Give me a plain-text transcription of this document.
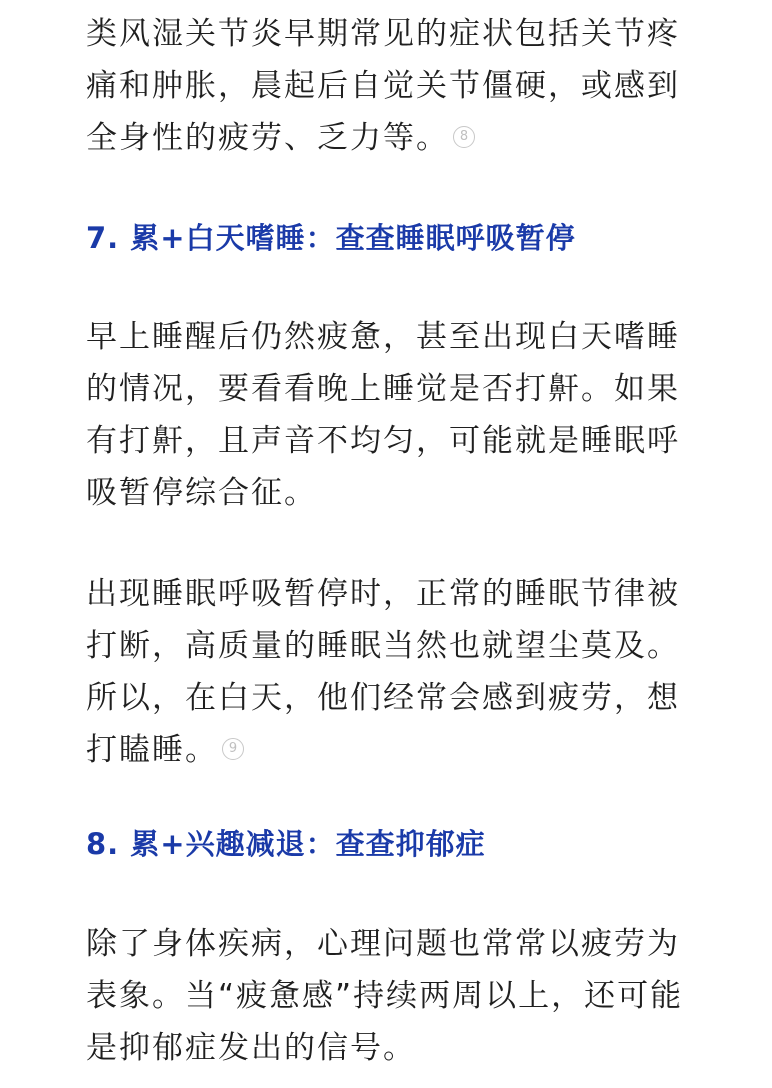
类风湿关节炎早期常见的症状包括关节疼痛和肿胀，晨起后自觉关节僵硬，或感到全身性的疲劳、乏力等。 8

7. 累+白天嗜睡：查查睡眠呼吸暂停

早上睡醒后仍然疲惫，甚至出现白天嗜睡的情况，要看看晚上睡觉是否打鼾。如果有打鼾，且声音不均匀，可能就是睡眠呼吸暂停综合征。

出现睡眠呼吸暂停时，正常的睡眠节律被打断，高质量的睡眠当然也就望尘莫及。所以，在白天，他们经常会感到疲劳，想打瞌睡。 9

8. 累+兴趣减退：查查抑郁症

除了身体疾病，心理问题也常常以疲劳为表象。当“疲惫感”持续两周以上，还可能是抑郁症发出的信号。
